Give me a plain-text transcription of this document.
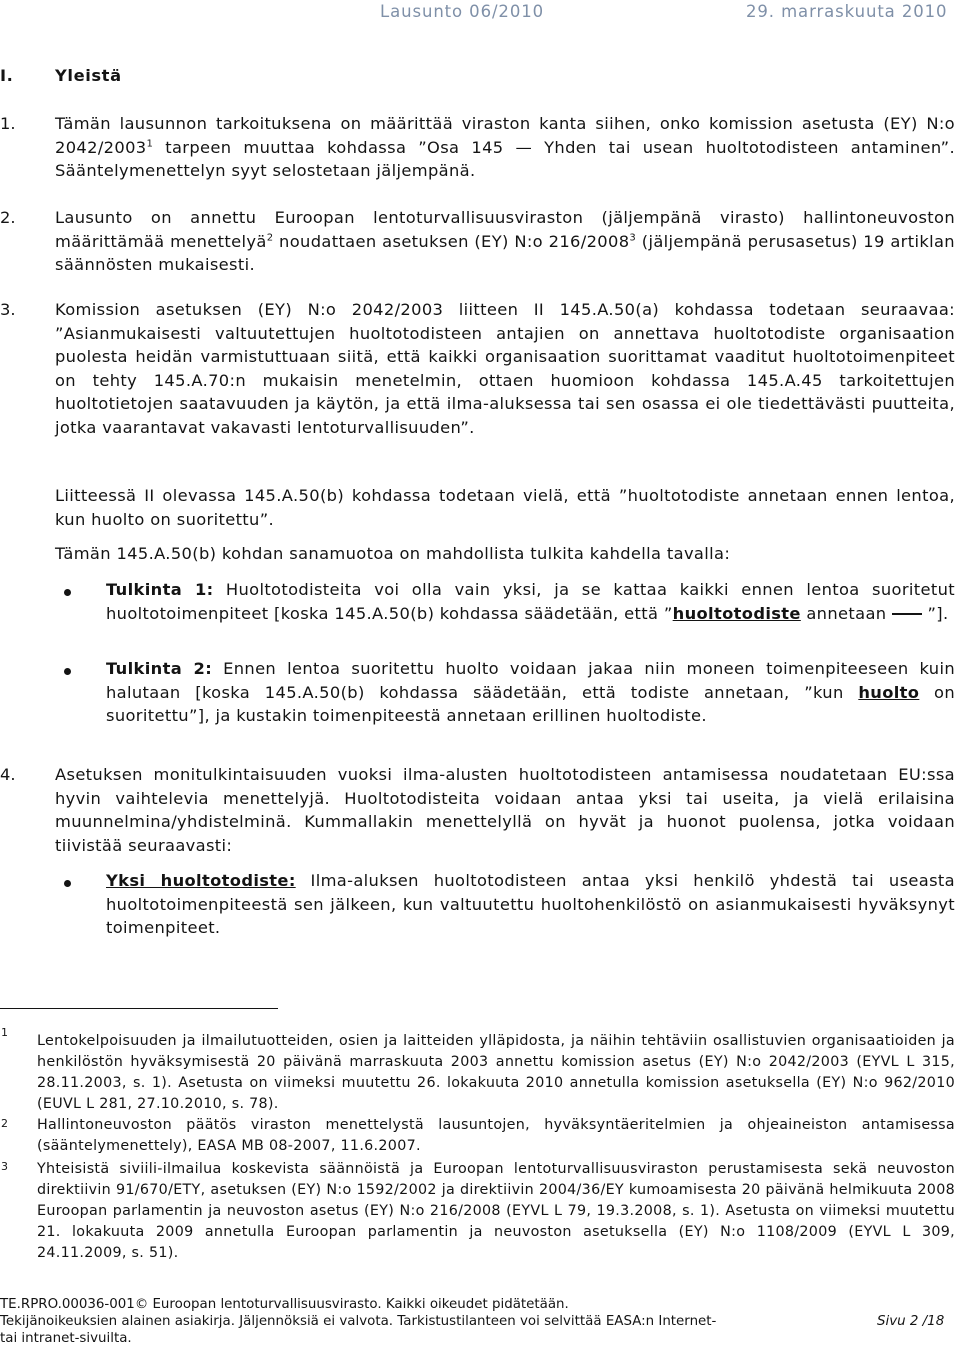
Lausunto 06/2010	29. marraskuuta 2010
I.	Yleistä
1. Tämän lausunnon tarkoituksena on määrittää viraston kanta siihen, onko komission asetusta (EY) N:o 2042/2003$^1$ tarpeen muuttaa kohdassa ”Osa 145 — Yhden tai usean huoltotodisteen antaminen”. Sääntelymenettelyn syyt selostetaan jäljempänä.
2. Lausunto on annettu Euroopan lentoturvallisuusviraston (jäljempänä virasto) hallintoneuvoston määrittämää menettelyä$^2$ noudattaen asetuksen (EY) N:o 216/2008$^3$ (jäljempänä perusasetus) 19 artiklan säännösten mukaisesti.
3. Komission asetuksen (EY) N:o 2042/2003 liitteen II 145.A.50(a) kohdassa todetaan seuraavaa: ”Asianmukaisesti valtuutettujen huoltotodisteen antajien on annettava huoltotodiste organisaation puolesta heidän varmistuttuaan siitä, että kaikki organisaation suorittamat vaaditut huoltotoimenpiteet on tehty 145.A.70:n mukaisin menetelmin, ottaen huomioon kohdassa 145.A.45 tarkoitettujen huoltotietojen saatavuuden ja käytön, ja että ilma-aluksessa tai sen osassa ei ole tiedettävästi puutteita, jotka vaarantavat vakavasti lentoturvallisuuden”.
Liitteessä II olevassa 145.A.50(b) kohdassa todetaan vielä, että ”huoltotodiste annetaan ennen lentoa, kun huolto on suoritettu”.
Tämän 145.A.50(b) kohdan sanamuotoa on mahdollista tulkita kahdella tavalla:
Tulkinta 1: Huoltotodisteita voi olla vain yksi, ja se kattaa kaikki ennen lentoa suoritetut huoltotoimenpiteet [koska 145.A.50(b) kohdassa säädetään, että ”huoltotodiste annetaan  ”].
Tulkinta 2: Ennen lentoa suoritettu huolto voidaan jakaa niin moneen toimenpiteeseen kuin halutaan [koska 145.A.50(b) kohdassa säädetään, että todiste annetaan, ”kun huolto on suoritettu”], ja kustakin toimenpiteestä annetaan erillinen huoltodiste.
4. Asetuksen monitulkintaisuuden vuoksi ilma-alusten huoltotodisteen antamisessa noudatetaan EU:ssa hyvin vaihtelevia menettelyjä. Huoltotodisteita voidaan antaa yksi tai useita, ja vielä erilaisina muunnelmina/yhdistelminä. Kummallakin menettelyllä on hyvät ja huonot puolensa, jotka voidaan tiivistää seuraavasti:
Yksi huoltotodiste: Ilma-aluksen huoltotodisteen antaa yksi henkilö yhdestä tai useasta huoltotoimenpiteestä sen jälkeen, kun valtuutettu huoltohenkilöstö on asianmukaisesti hyväksynyt toimenpiteet.
1
Lentokelpoisuuden ja ilmailutuotteiden, osien ja laitteiden ylläpidosta, ja näihin tehtäviin osallistuvien organisaatioiden ja henkilöstön hyväksymisestä 20 päivänä marraskuuta 2003 annettu komission asetus (EY) N:o 2042/2003 (EYVL L 315, 28.11.2003, s. 1). Asetusta on viimeksi muutettu 26. lokakuuta 2010 annetulla komission asetuksella (EY) N:o 962/2010 (EUVL L 281, 27.10.2010, s. 78).
2 Hallintoneuvoston päätös viraston menettelystä lausuntojen, hyväksyntäeritelmien ja ohjeaineiston antamisessa (sääntelymenettely), EASA MB 08-2007, 11.6.2007.
3 Yhteisistä siviili-ilmailua koskevista säännöistä ja Euroopan lentoturvallisuusviraston perustamisesta sekä neuvoston direktiivin 91/670/ETY, asetuksen (EY) N:o 1592/2002 ja direktiivin 2004/36/EY kumoamisesta 20 päivänä helmikuuta 2008 Euroopan parlamentin ja neuvoston asetus (EY) N:o 216/2008 (EYVL L 79, 19.3.2008, s. 1). Asetusta on viimeksi muutettu 21. lokakuuta 2009 annetulla Euroopan parlamentin ja neuvoston asetuksella (EY) N:o 1108/2009 (EYVL L 309, 24.11.2009, s. 51).
TE.RPRO.00036-001© Euroopan lentoturvallisuusvirasto. Kaikki oikeudet pidätetään.
Tekijänoikeuksien alainen asiakirja. Jäljennöksiä ei valvota. Tarkistustilanteen voi selvittää EASA:n Internet-
tai intranet-sivuilta.
Sivu 2 /18
